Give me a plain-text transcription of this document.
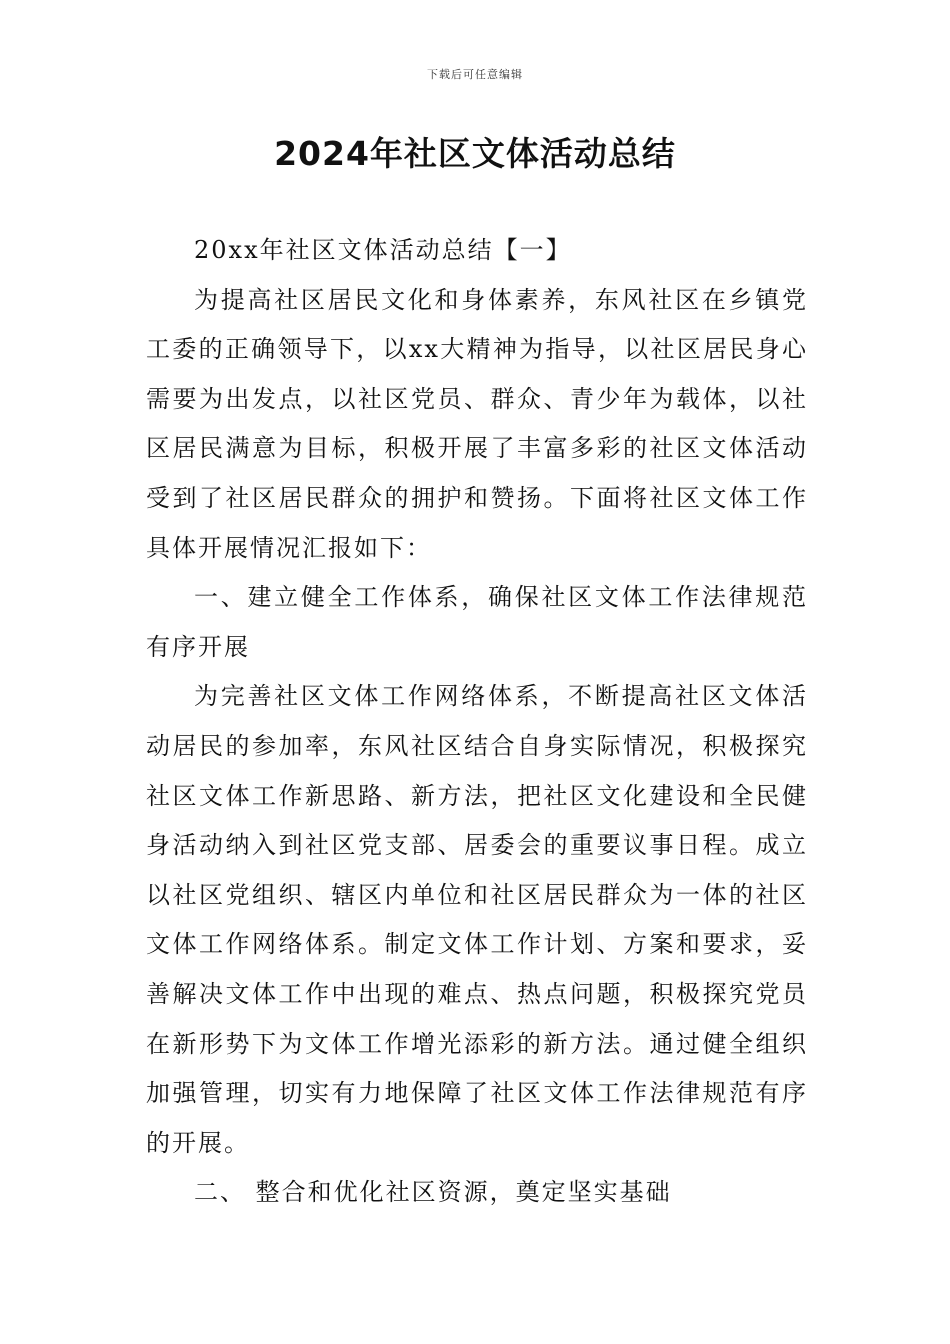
下载后可任意编辑
2024年社区文体活动总结

20xx年社区文体活动总结【一】

为提高社区居民文化和身体素养，东风社区在乡镇党工委的正确领导下，以xx大精神为指导，以社区居民身心需要为出发点，以社区党员、群众、青少年为载体，以社区居民满意为目标，积极开展了丰富多彩的社区文体活动受到了社区居民群众的拥护和赞扬。下面将社区文体工作具体开展情况汇报如下：

一、建立健全工作体系，确保社区文体工作法律规范有序开展

为完善社区文体工作网络体系，不断提高社区文体活动居民的参加率，东风社区结合自身实际情况，积极探究社区文体工作新思路、新方法，把社区文化建设和全民健身活动纳入到社区党支部、居委会的重要议事日程。成立以社区党组织、辖区内单位和社区居民群众为一体的社区文体工作网络体系。制定文体工作计划、方案和要求，妥善解决文体工作中出现的难点、热点问题，积极探究党员在新形势下为文体工作增光添彩的新方法。通过健全组织加强管理，切实有力地保障了社区文体工作法律规范有序的开展。

二、 整合和优化社区资源，奠定坚实基础
